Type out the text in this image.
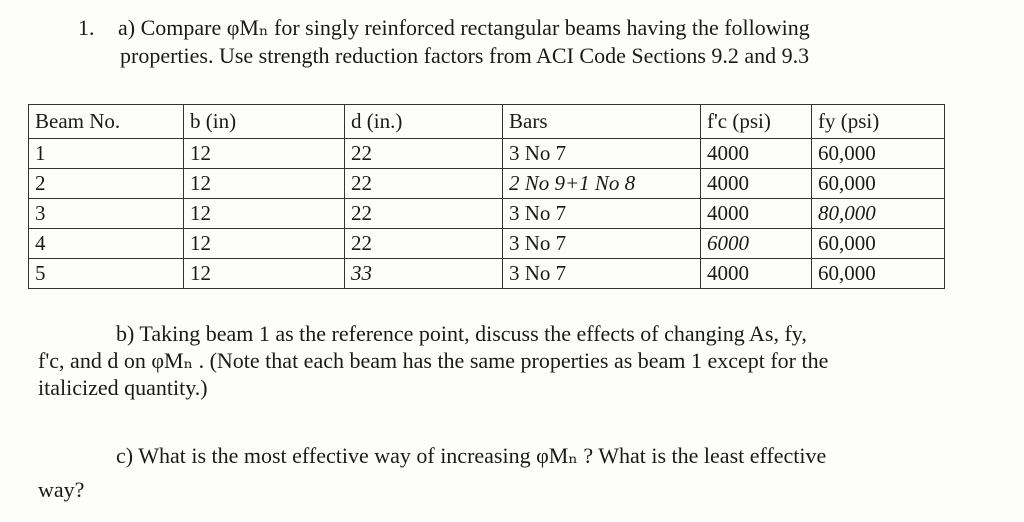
1. a) Compare φMₙ for singly reinforced rectangular beams having the following
properties. Use strength reduction factors from ACI Code Sections 9.2 and 9.3
Beam No.	b (in)	d (in.)	Bars	f'c (psi)	fy (psi)
1	12	22	3 No 7	4000	60,000
2	12	22	2 No 9+1 No 8	4000	60,000
3	12	22	3 No 7	4000	80,000
4	12	22	3 No 7	6000	60,000
5	12	33	3 No 7	4000	60,000
b) Taking beam 1 as the reference point, discuss the effects of changing As, fy,
f'c, and d on φMₙ . (Note that each beam has the same properties as beam 1 except for the
italicized quantity.)
c) What is the most effective way of increasing φMₙ ? What is the least effective
way?
